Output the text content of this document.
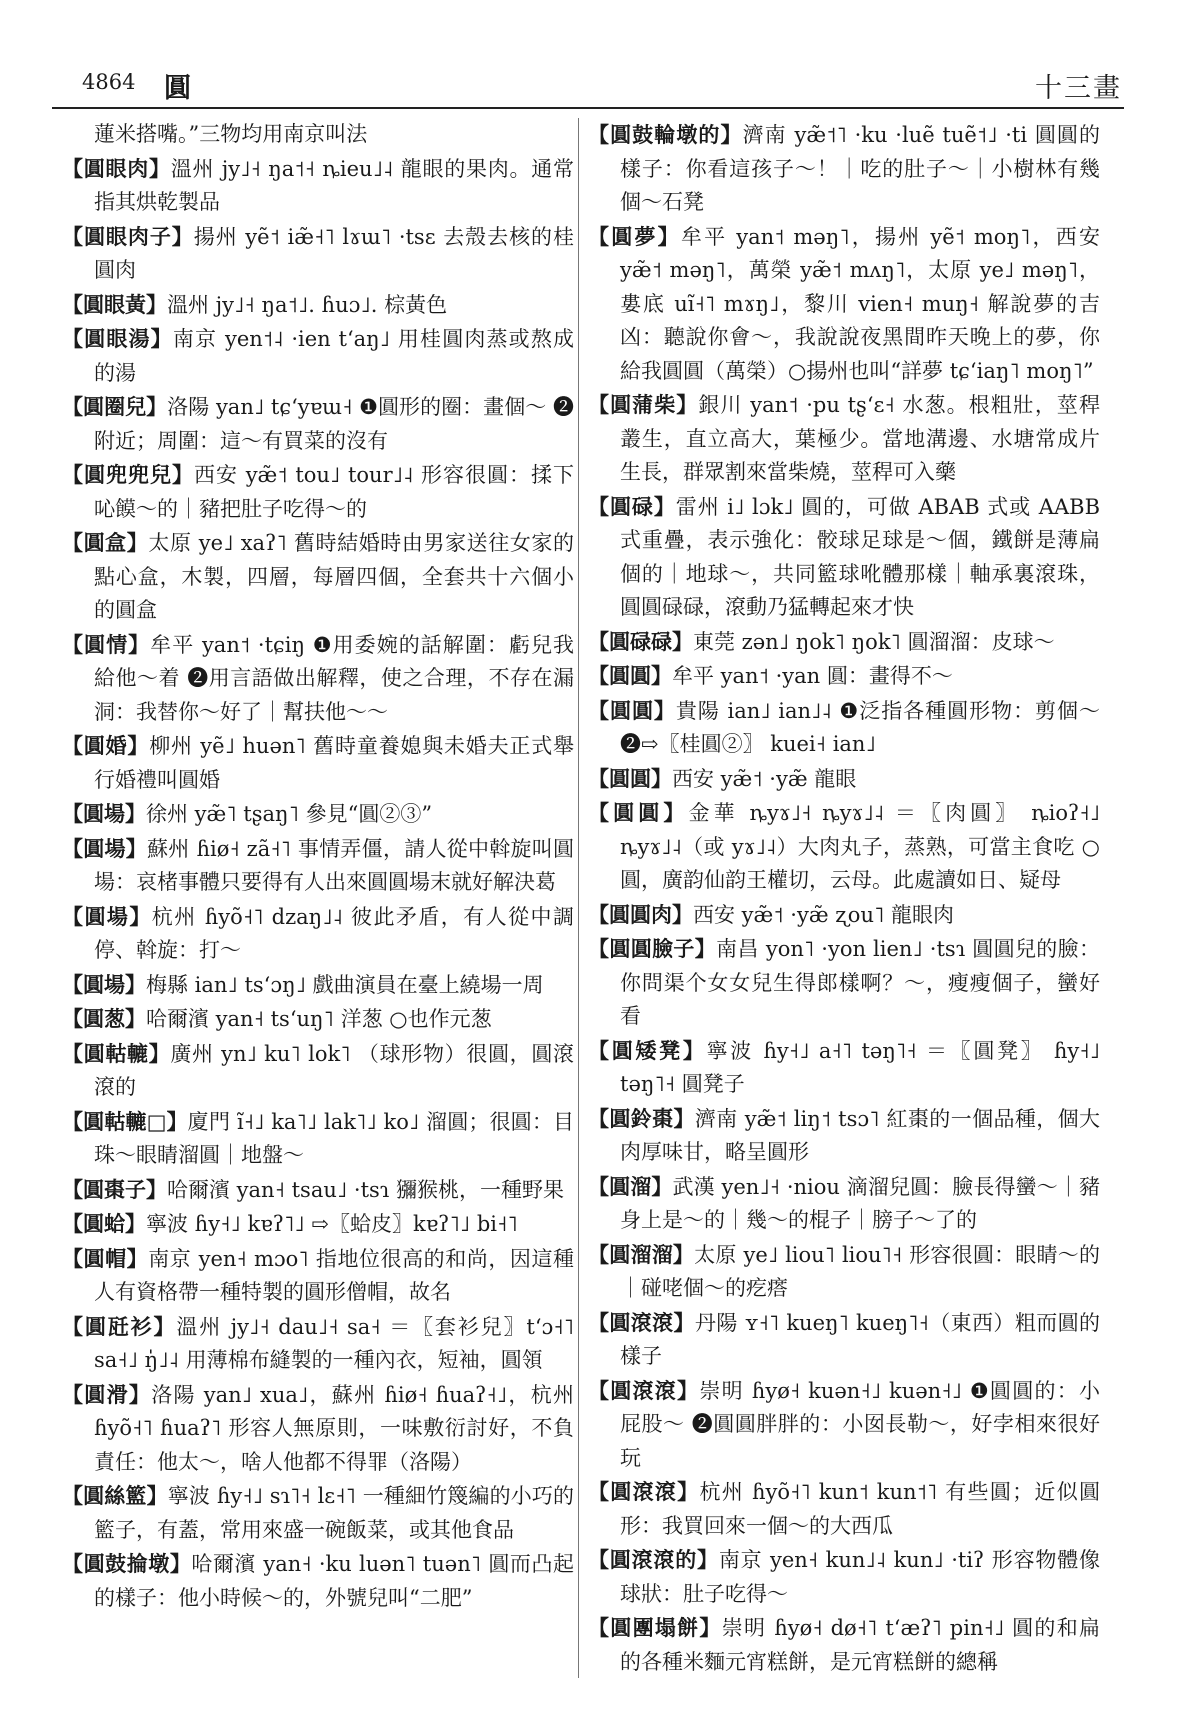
4864 圓	十三畫

蓮米搭嘴。”三物均用南京叫法

【圓眼肉】溫州 jy˩˧ ŋa˦˧ ȵieu˩˨ 龍眼的果肉。通常指其烘乾製品

【圓眼肉子】揚州 yẽ˦ iæ̃˧˥ lɤɯ˥ ·tsɛ 去殼去核的桂圓肉

【圓眼黃】溫州 jy˩˧ ŋa˦˩. ɦuɔ˩. 棕黃色

【圓眼湯】南京 yen˦˨ ·ien t‘aŋ˩ 用桂圓肉蒸或熬成的湯

【圓圈兒】洛陽 yan˩ tɕʻyɐɯ˧ ❶圓形的圈：畫個～ ❷附近；周圍：這～有買菜的沒有

【圓兜兜兒】西安 yæ̃˦ tou˩ tour˩˨ 形容很圓：揉下吣饃～的｜豬把肚子吃得～的

【圓盒】太原 ye˩ xaʔ˥ 舊時結婚時由男家送往女家的點心盒，木製，四層，每層四個，全套共十六個小的圓盒

【圓情】牟平 yan˦ ·tɕiŋ ❶用委婉的話解圍：虧兒我給他～着 ❷用言語做出解釋，使之合理，不存在漏洞：我替你～好了｜幫扶他～～

【圓婚】柳州 yẽ˩ huən˥ 舊時童養媳與未婚夫正式舉行婚禮叫圓婚

【圓場】徐州 yæ̃˥ tʂaŋ˥ 參見“圓②③”

【圓場】蘇州 ɦiø˧ zã˧˥ 事情弄僵，請人從中斡旋叫圓場：哀楮事體只要得有人出來圓圓場末就好解決葛

【圓場】杭州 ɦyõ˧˥ dzaŋ˩˨ 彼此矛盾，有人從中調停、斡旋：打～

【圓場】梅縣 ian˩ tsʻɔŋ˩ 戲曲演員在臺上繞場一周

【圓葱】哈爾濱 yan˧ tsʻuŋ˥ 洋葱 ○也作元葱

【圓軲轆】廣州 yn˩ ku˥ lok˥ （球形物）很圓，圓滾滾的

【圓軲轆□】廈門 ĩ˧˩ ka˥˩ lak˥˩ ko˩ 溜圓；很圓：目珠～眼睛溜圓｜地盤～

【圓棗子】哈爾濱 yan˧ tsau˩ ·tsɿ 獼猴桃，一種野果

【圓蛤】寧波 ɦy˧˩ kɐʔ˥˩ ⇨〖蛤皮〗kɐʔ˥˩ bi˧˥

【圓帽】南京 yen˧ mɔo˥ 指地位很高的和尚，因這種人有資格帶一種特製的圓形僧帽，故名

【圓瓩衫】溫州 jy˩˧ dau˩˧ sa˧ ＝〖套衫兒〗t‘ɔ˧˥ sa˧˩ ŋ̍˩˨ 用薄棉布縫製的一種內衣，短袖，圓領

【圓滑】洛陽 yan˩ xua˩，蘇州 ɦiø˧ ɦuaʔ˧˩，杭州 ɦyõ˧˥ ɦuaʔ˥ 形容人無原則，一味敷衍討好，不負責任：他太～，啥人他都不得罪（洛陽）

【圓絲籃】寧波 ɦy˧˩ sɿ˥˧ lɛ˧˥ 一種細竹篾編的小巧的籃子，有蓋，常用來盛一碗飯菜，或其他食品

【圓鼓掄墩】哈爾濱 yan˧ ·ku luən˥ tuən˥ 圓而凸起的樣子：他小時候～的，外號兒叫“二肥”

【圓鼓輪墩的】濟南 yæ̃˦˥ ·ku ·luẽ tuẽ˦˩ ·ti 圓圓的樣子：你看這孩子～！｜吃的肚子～｜小樹林有幾個～石凳

【圓夢】牟平 yan˦ məŋ˥，揚州 yẽ˦ moŋ˥，西安 yæ̃˦ məŋ˥，萬榮 yæ̃˦ mʌŋ˥，太原 ye˩ məŋ˥，婁底 uĩ˧˥ mɤŋ˩，黎川 vien˧ muŋ˧ 解說夢的吉凶：聽說你會～，我說說夜黑間昨天晚上的夢，你給我圓圓（萬榮）○揚州也叫“詳夢 tɕʻiaŋ˥ moŋ˥”

【圓蒲柴】銀川 yan˦ ·pu tʂʻɛ˧ 水葱。根粗壯，莖稈叢生，直立高大，葉極少。當地溝邊、水塘常成片生長，群眾割來當柴燒，莖稈可入藥

【圓碌】雷州 i˩ lɔk˩ 圓的，可做 ABAB 式或 AABB 式重疊，表示強化：骹球足球是～個，鐵餅是薄扁個的｜地球～，共同籃球吪體那樣｜軸承裏滾珠，圓圓碌碌，滾動乃猛轉起來才快

【圓碌碌】東莞 zən˩ ŋok˥ ŋok˥ 圓溜溜：皮球～

【圓圓】牟平 yan˦ ·yan 圓：畫得不～

【圓圓】貴陽 ian˩ ian˩˨ ❶泛指各種圓形物：剪個～ ❷⇨〖桂圓②〗 kuei˧ ian˩

【圓圓】西安 yæ̃˦ ·yæ̃ 龍眼

【圓圓】金華 ȵyɤ˩˧ ȵyɤ˩˨ ＝〖肉圓〗 ȵioʔ˧˩ ȵyɤ˩˨（或 yɤ˩˨）大肉丸子，蒸熟，可當主食吃 ○圓，廣韵仙韵王權切，云母。此處讀如日、疑母

【圓圓肉】西安 yæ̃˦ ·yæ̃ ʐou˥ 龍眼肉

【圓圓臉子】南昌 yon˥ ·yon lien˩ ·tsɿ 圓圓兒的臉：你問渠个女女兒生得郎樣啊？～，瘦瘦個子，蠻好看

【圓矮凳】寧波 ɦy˧˩ a˧˥ təŋ˥˧ ＝〖圓凳〗 ɦy˧˩ təŋ˥˧ 圓凳子

【圓鈴棗】濟南 yæ̃˦ liŋ˦ tsɔ˥ 紅棗的一個品種，個大肉厚味甘，略呈圓形

【圓溜】武漢 yen˩˧ ·niou 滴溜兒圓：臉長得蠻～｜豬身上是～的｜幾～的棍子｜膀子～了的

【圓溜溜】太原 ye˩ liou˥ liou˥˧ 形容很圓：眼睛～的｜碰咾個～的疙瘩

【圓滾滾】丹陽 ʏ˧˥ kueŋ˥ kueŋ˥˧（東西）粗而圓的樣子

【圓滾滾】崇明 ɦyø˧ kuən˧˩ kuən˧˩ ❶圓圓的：小屁股～ ❷圓圓胖胖的：小囡長勒～，好孛相來很好玩

【圓滾滾】杭州 ɦyõ˧˥ kun˦ kun˦˥ 有些圓；近似圓形：我買回來一個～的大西瓜

【圓滾滾的】南京 yen˧ kun˩˨ kun˩ ·tiʔ 形容物體像球狀：肚子吃得～

【圓團塌餅】崇明 ɦyø˧ dø˧˥ t‘æʔ˥ pin˧˩ 圓的和扁的各種米麵元宵糕餅，是元宵糕餅的總稱
